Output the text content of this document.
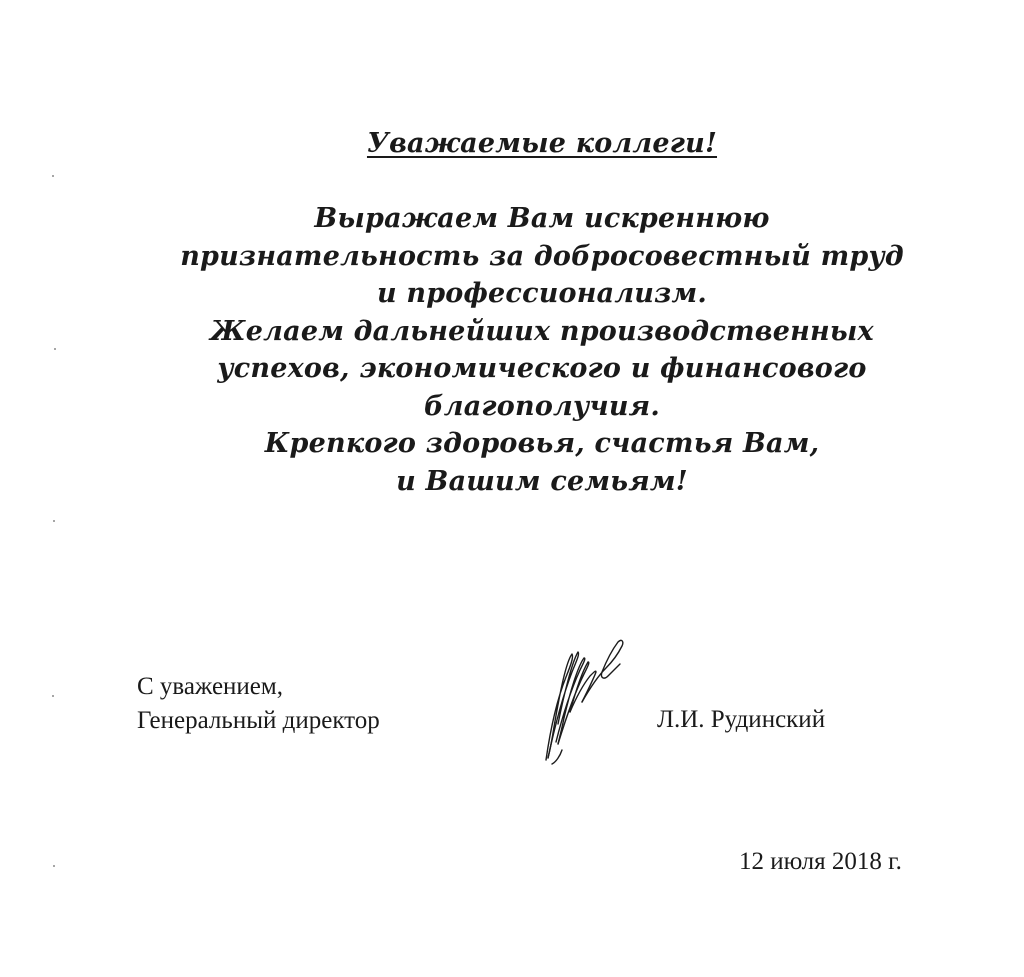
Уважаемые коллеги!
Выражаем Вам искреннюю
признательность за добросовестный труд
и профессионализм.
Желаем дальнейших производственных
успехов, экономического и финансового
благополучия.
Крепкого здоровья, счастья Вам,
и Вашим семьям!
С уважением,
Генеральный директор	Л.И. Рудинский
12 июля 2018 г.
